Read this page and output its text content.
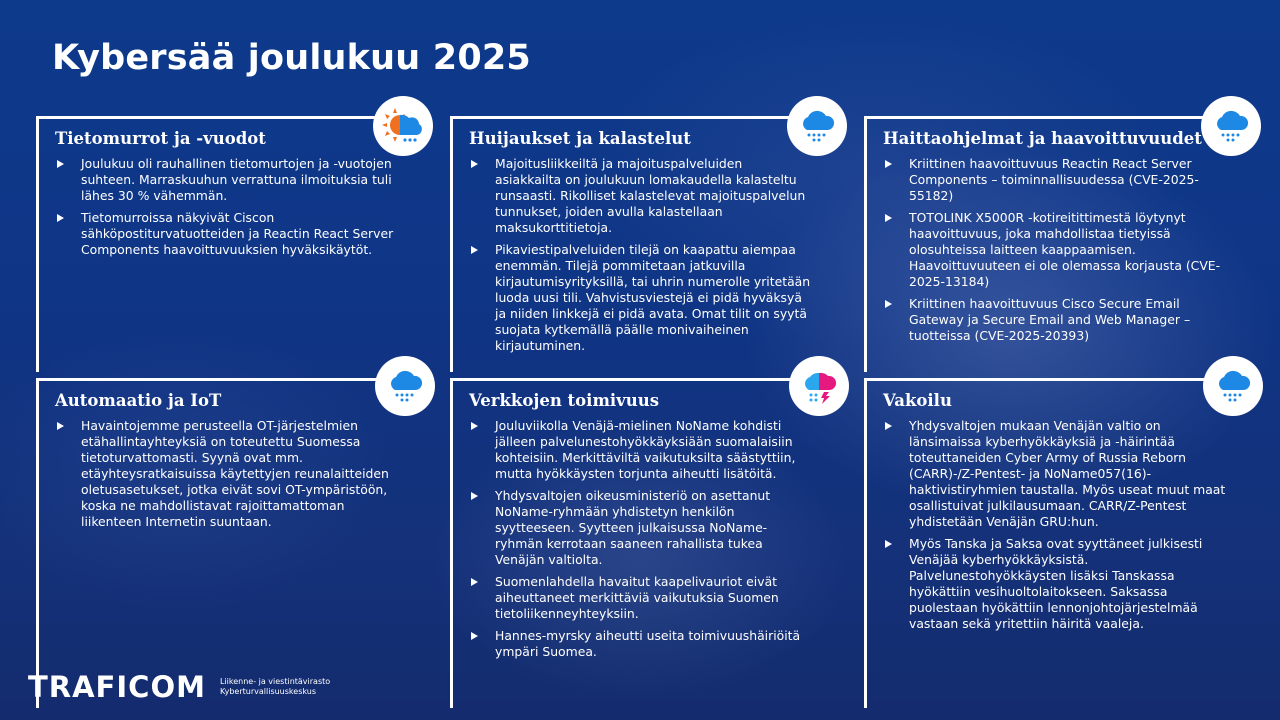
Kybersää joulukuu 2025
Tietomurrot ja -vuodot
Joulukuu oli rauhallinen tietomurtojen ja -vuotojen suhteen. Marraskuuhun verrattuna ilmoituksia tuli lähes 30 % vähemmän.
Tietomurroissa näkyivät Ciscon sähköpostiturvatuotteiden ja Reactin React Server Components haavoittuvuuksien hyväksikäytöt.
Huijaukset ja kalastelut
Majoitusliikkeiltä ja majoituspalveluiden asiakkailta on joulukuun lomakaudella kalasteltu runsaasti. Rikolliset kalastelevat majoituspalvelun tunnukset, joiden avulla kalastellaan maksukorttitietoja.
Pikaviestipalveluiden tilejä on kaapattu aiempaa enemmän. Tilejä pommitetaan jatkuvilla kirjautumisyrityksillä, tai uhrin numerolle yritetään luoda uusi tili. Vahvistusviestejä ei pidä hyväksyä ja niiden linkkejä ei pidä avata. Omat tilit on syytä suojata kytkemällä päälle monivaiheinen kirjautuminen.
Haittaohjelmat ja haavoittuvuudet
Kriittinen haavoittuvuus Reactin React Server Components – toiminnallisuudessa (CVE-2025-55182)
TOTOLINK X5000R -kotireitittimestä löytynyt haavoittuvuus, joka mahdollistaa tietyissä olosuhteissa laitteen kaappaamisen. Haavoittuvuuteen ei ole olemassa korjausta (CVE-2025-13184)
Kriittinen haavoittuvuus Cisco Secure Email Gateway ja Secure Email and Web Manager –tuotteissa (CVE-2025-20393)
Automaatio ja IoT
Havaintojemme perusteella OT-järjestelmien etähallintayhteyksiä on toteutettu Suomessa tietoturvattomasti. Syynä ovat mm. etäyhteysratkaisuissa käytettyjen reunalaitteiden oletusasetukset, jotka eivät sovi OT-ympäristöön, koska ne mahdollistavat rajoittamattoman liikenteen Internetin suuntaan.
Verkkojen toimivuus
Jouluviikolla Venäjä-mielinen NoName kohdisti jälleen palvelunestohyökkäyksiään suomalaisiin kohteisiin. Merkittäviltä vaikutuksilta säästyttiin, mutta hyökkäysten torjunta aiheutti lisätöitä.
Yhdysvaltojen oikeusministeriö on asettanut NoName-ryhmään yhdistetyn henkilön syytteeseen. Syytteen julkaisussa NoName-ryhmän kerrotaan saaneen rahallista tukea Venäjän valtiolta.
Suomenlahdella havaitut kaapelivauriot eivät aiheuttaneet merkittäviä vaikutuksia Suomen tietoliikenneyhteyksiin.
Hannes-myrsky aiheutti useita toimivuushäiriöitä ympäri Suomea.
Vakoilu
Yhdysvaltojen mukaan Venäjän valtio on länsimaissa kyberhyökkäyksiä ja -häirintää toteuttaneiden Cyber Army of Russia Reborn (CARR)-/Z-Pentest- ja NoName057(16)-haktivistiryhmien taustalla. Myös useat muut maat osallistuivat julkilausumaan. CARR/Z-Pentest yhdistetään Venäjän GRU:hun.
Myös Tanska ja Saksa ovat syyttäneet julkisesti Venäjää kyberhyökkäyksistä. Palvelunestohyökkäysten lisäksi Tanskassa hyökättiin vesihuoltolaitokseen. Saksassa puolestaan hyökättiin lennonjohtojärjestelmää vastaan sekä yritettiin häiritä vaaleja.
TRAFICOM Liikenne- ja viestintävirasto
Kyberturvallisuuskeskus
